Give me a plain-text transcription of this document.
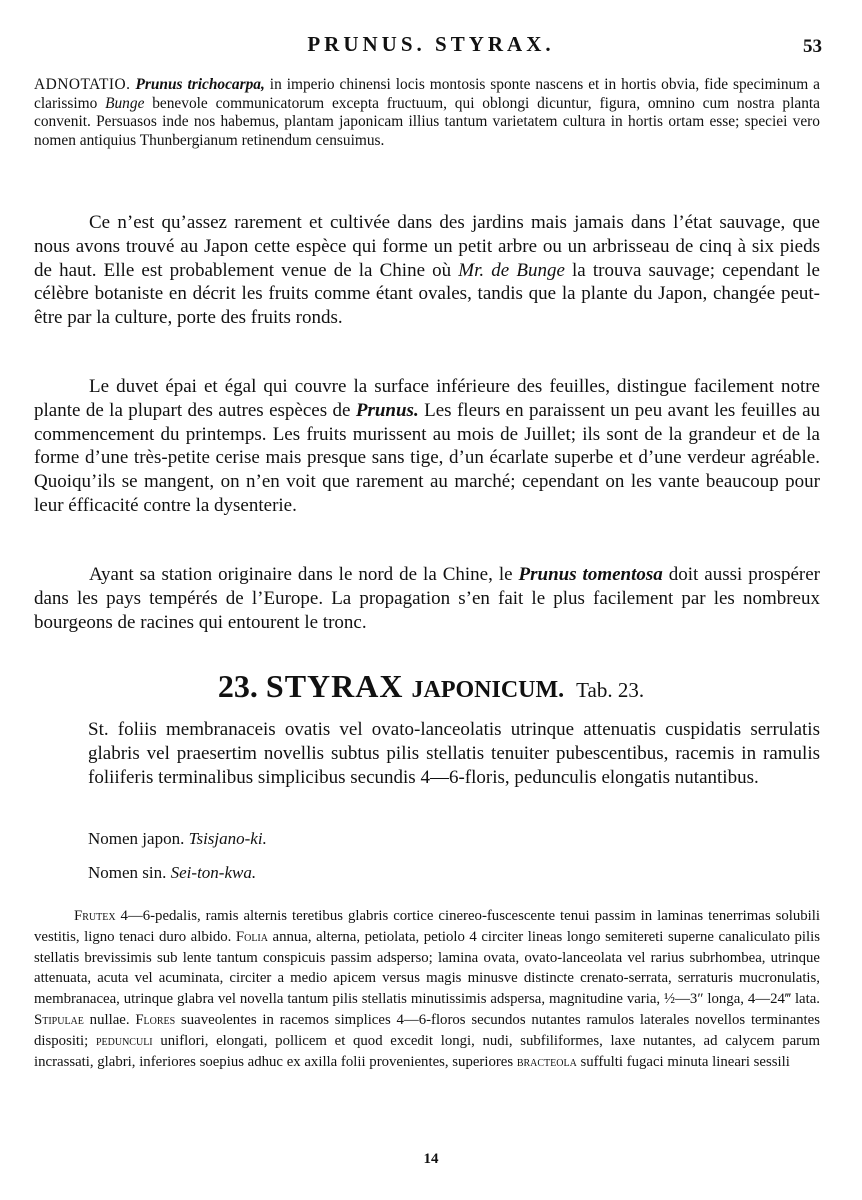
PRUNUS. STYRAX.	53
ADNOTATIO. Prunus trichocarpa, in imperio chinensi locis montosis sponte nascens et in hortis obvia, fide speciminum a clarissimo Bunge benevole communicatorum excepta fructuum, qui oblongi dicuntur, figura, omnino cum nostra planta convenit. Persuasos inde nos habemus, plantam japonicam illius tantum varietatem cultura in hortis ortam esse; speciei vero nomen antiquius Thunbergianum retinendum censuimus.
Ce n’est qu’assez rarement et cultivée dans des jardins mais jamais dans l’état sauvage, que nous avons trouvé au Japon cette espèce qui forme un petit arbre ou un arbrisseau de cinq à six pieds de haut. Elle est probablement venue de la Chine où Mr. de Bunge la trouva sauvage; cependant le célèbre botaniste en décrit les fruits comme étant ovales, tandis que la plante du Japon, changée peut-être par la culture, porte des fruits ronds.
Le duvet épai et égal qui couvre la surface inférieure des feuilles, distingue facilement notre plante de la plupart des autres espèces de Prunus. Les fleurs en paraissent un peu avant les feuilles au commencement du printemps. Les fruits murissent au mois de Juillet; ils sont de la grandeur et de la forme d’une très-petite cerise mais presque sans tige, d’un écarlate superbe et d’une verdeur agréable. Quoiqu’ils se mangent, on n’en voit que rarement au marché; cependant on les vante beaucoup pour leur éfficacité contre la dysenterie.
Ayant sa station originaire dans le nord de la Chine, le Prunus tomentosa doit aussi prospérer dans les pays tempérés de l’Europe. La propagation s’en fait le plus facilement par les nombreux bourgeons de racines qui entourent le tronc.
23. STYRAX JAPONICUM. Tab. 23.
St. foliis membranaceis ovatis vel ovato-lanceolatis utrinque attenuatis cuspidatis serrulatis glabris vel praesertim novellis subtus pilis stellatis tenuiter pubescentibus, racemis in ramulis foliiferis terminalibus simplicibus secundis 4—6-floris, pedunculis elongatis nutantibus.
Nomen japon. Tsisjano-ki.
Nomen sin. Sei-ton-kwa.
Frutex 4—6-pedalis, ramis alternis teretibus glabris cortice cinereo-fuscescente tenui passim in laminas tenerrimas solubili vestitis, ligno tenaci duro albido. Folia annua, alterna, petiolata, petiolo 4 circiter lineas longo semitereti superne canaliculato pilis stellatis brevissimis sub lente tantum conspicuis passim adsperso; lamina ovata, ovato-lanceolata vel rarius subrhombea, utrinque attenuata, acuta vel acuminata, circiter a medio apicem versus magis minusve distincte crenato-serrata, serraturis mucronulatis, membranacea, utrinque glabra vel novella tantum pilis stellatis minutissimis adspersa, magnitudine varia, ½—3″ longa, 4—24‴ lata. Stipulae nullae. Flores suaveolentes in racemos simplices 4—6-floros secundos nutantes ramulos laterales novellos terminantes dispositi; pedunculi uniflori, elongati, pollicem et quod excedit longi, nudi, subfiliformes, laxe nutantes, ad calycem parum incrassati, glabri, inferiores soepius adhuc ex axilla folii provenientes, superiores bracteola suffulti fugaci minuta lineari sessili
14
